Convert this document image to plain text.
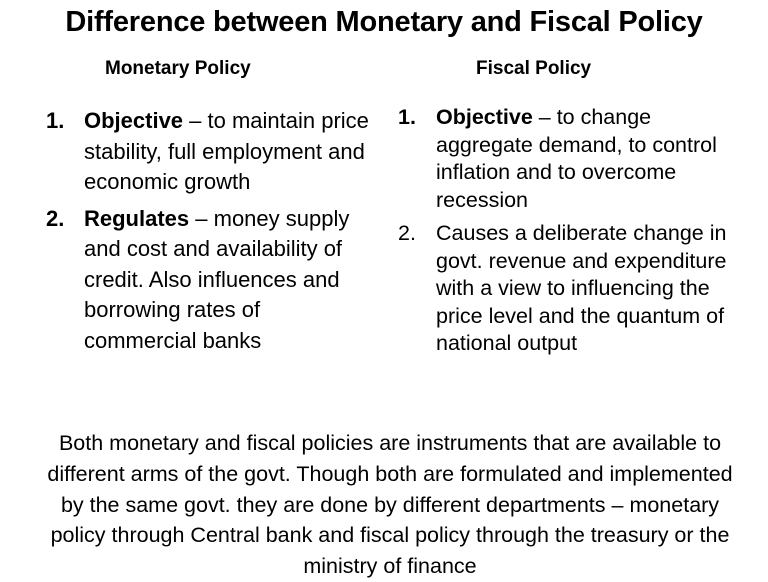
Difference between Monetary and Fiscal Policy
Monetary Policy	Fiscal Policy
1. Objective – to maintain price stability, full employment and economic growth
2. Regulates – money supply and cost and availability of credit. Also influences and borrowing rates of commercial banks
1. Objective – to change aggregate demand, to control inflation and to overcome recession
2. Causes a deliberate change in govt. revenue and expenditure with a view to influencing the price level and the quantum of national output
Both monetary and fiscal policies are instruments that are available to different arms of the govt. Though both are formulated and implemented by the same govt. they are done by different departments – monetary policy through Central bank and fiscal policy through the treasury or the ministry of finance
